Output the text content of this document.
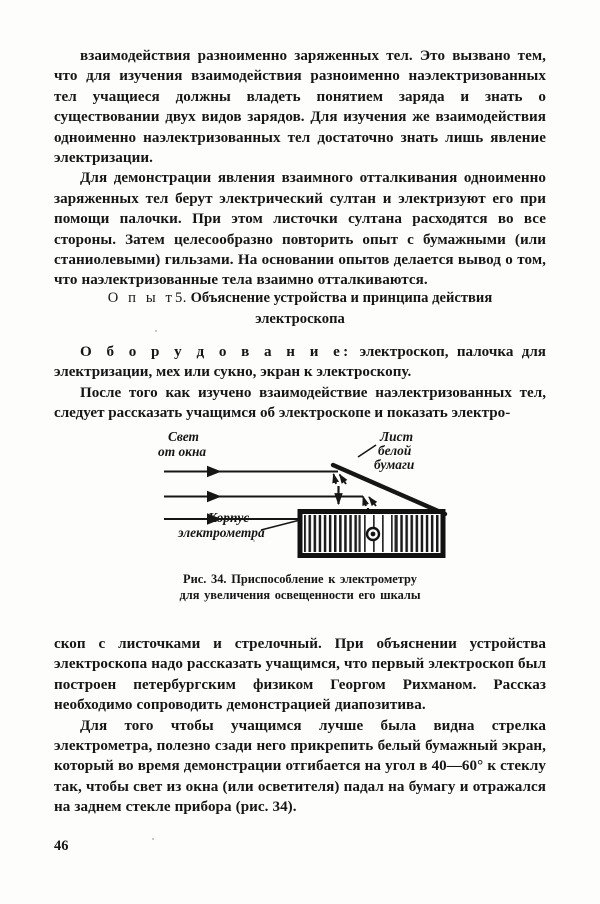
взаимодействия разноименно заряженных тел. Это вызвано тем, что для изучения взаимодействия разноименно наэлектризованных тел учащиеся должны владеть понятием заряда и знать о существовании двух видов зарядов. Для изучения же взаимодействия одноименно наэлектризованных тел достаточно знать лишь явление электризации.

Для демонстрации явления взаимного отталкивания одноименно заряженных тел берут электрический султан и электризуют его при помощи палочки. При этом листочки султана расходятся во все стороны. Затем целесообразно повторить опыт с бумажными (или станиолевыми) гильзами. На основании опытов делается вывод о том, что наэлектризованные тела взаимно отталкиваются.

О п ы т5. Объяснение устройства и принципа действия
электроскопа

О б о р у д о в а н и е: электроскоп, палочка для электризации, мех или сукно, экран к электроскопу.

После того как изучено взаимодействие наэлектризованных тел, следует рассказать учащимся об электроскопе и показать электро-

Свет
от окна
Лист
белой
бумаги
Корпус
электрометра
Рис. 34. Приспособление к электрометру
для увеличения освещенности его шкалы

скоп с листочками и стрелочный. При объяснении устройства электроскопа надо рассказать учащимся, что первый электроскоп был построен петербургским физиком Георгом Рихманом. Рассказ необходимо сопроводить демонстрацией диапозитива.

Для того чтобы учащимся лучше была видна стрелка электрометра, полезно сзади него прикрепить белый бумажный экран, который во время демонстрации отгибается на угол в 40—60° к стеклу так, чтобы свет из окна (или осветителя) падал на бумагу и отражался на заднем стекле прибора (рис. 34).

46
